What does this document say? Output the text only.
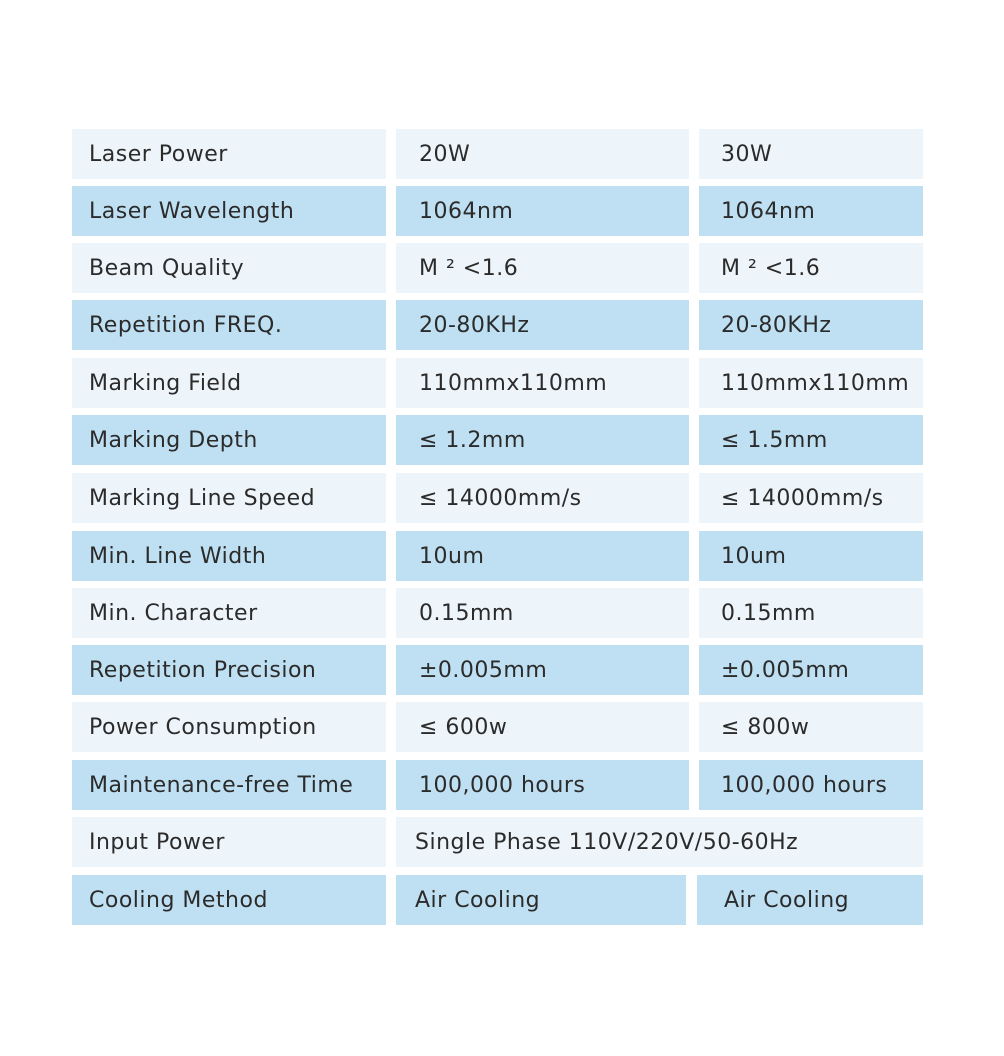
Laser Power	20W	30W
Laser Wavelength	1064nm	1064nm
Beam Quality	M ² <1.6	M ² <1.6
Repetition FREQ.	20-80KHz	20-80KHz
Marking Field	110mmx110mm	110mmx110mm
Marking Depth	≤ 1.2mm	≤ 1.5mm
Marking Line Speed	≤ 14000mm/s	≤ 14000mm/s
Min. Line Width	10um	10um
Min. Character	0.15mm	0.15mm
Repetition Precision	±0.005mm	±0.005mm
Power Consumption	≤ 600w	≤ 800w
Maintenance-free Time	100,000 hours	100,000 hours
Input Power	Single Phase 110V/220V/50-60Hz
Cooling Method	Air Cooling	Air Cooling
